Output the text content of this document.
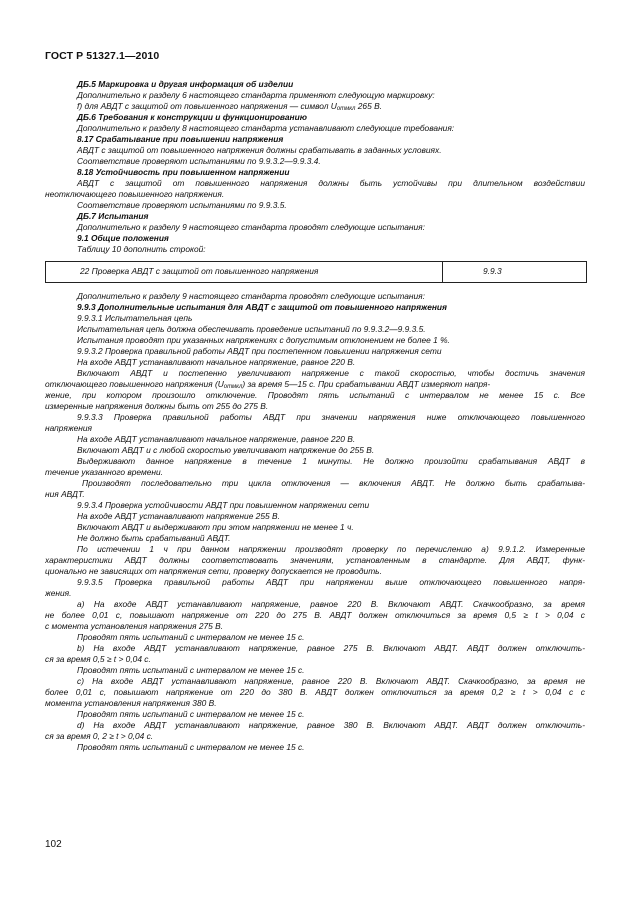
ГОСТ Р 51327.1—2010
ДБ.5 Маркировка и другая информация об изделии
Дополнительно к разделу 6 настоящего стандарта применяют следующую маркировку:
f) для АВДТ с защитой от повышенного напряжения — символ $U_{отмкл}$ 265 В.
ДБ.6 Требования к конструкции и функционированию
Дополнительно к разделу 8 настоящего стандарта устанавливают следующие требования:
8.17 Срабатывание при повышении напряжения
АВДТ с защитой от повышенного напряжения должны срабатывать в заданных условиях.
Соответствие проверяют испытаниями по 9.9.3.2—9.9.3.4.
8.18 Устойчивость при повышенном напряжении
АВДТ с защитой от повышенного напряжения должны быть устойчивы при длительном воздействии
неотключающего повышенного напряжения.
Соответствие проверяют испытаниями по 9.9.3.5.
ДБ.7 Испытания
Дополнительно к разделу 9 настоящего стандарта проводят следующие испытания:
9.1 Общие положения
Таблицу 10 дополнить строкой:
22 Проверка АВДТ с защитой от повышенного напряжения	9.9.3
Дополнительно к разделу 9 настоящего стандарта проводят следующие испытания:
9.9.3 Дополнительные испытания для АВДТ с защитой от повышенного напряжения
9.9.3.1 Испытательная цепь
Испытательная цепь должна обеспечивать проведение испытаний по 9.9.3.2—9.9.3.5.
Испытания проводят при указанных напряжениях с допустимым отклонением не более 1 %.
9.9.3.2 Проверка правильной работы АВДТ при постепенном повышении напряжения сети
На входе АВДТ устанавливают начальное напряжение, равное 220 В.
Включают АВДТ и постепенно увеличивают напряжение с такой скоростью, чтобы достичь значения
отключающего повышенного напряжения $(U_{отмкл})$ за время 5—15 с. При срабатывании АВДТ измеряют напря-
жение, при котором произошло отключение. Проводят пять испытаний с интервалом не менее 15 с. Все
измеренные напряжения должны быть от 255 до 275 В.
9.9.3.3 Проверка правильной работы АВДТ при значении напряжения ниже отключающего повышенного
напряжения
На входе АВДТ устанавливают начальное напряжение, равное 220 В.
Включают АВДТ и с любой скоростью увеличивают напряжение до 255 В.
Выдерживают данное напряжение в течение 1 минуты. Не должно произойти срабатывания АВДТ в
течение указанного времени.
Производят последовательно три цикла отключения — включения АВДТ. Не должно быть срабатыва-
ния АВДТ.
9.9.3.4 Проверка устойчивости АВДТ при повышенном напряжении сети
На входе АВДТ устанавливают напряжение 255 В.
Включают АВДТ и выдерживают при этом напряжении не менее 1 ч.
Не должно быть срабатываний АВДТ.
По истечении 1 ч при данном напряжении производят проверку по перечислению а) 9.9.1.2. Измеренные
характеристики АВДТ должны соответствовать значениям, установленным в стандарте. Для АВДТ, функ-
ционально не зависящих от напряжения сети, проверку допускается не проводить.
9.9.3.5 Проверка правильной работы АВДТ при напряжении выше отключающего повышенного напря-
жения.
а) На входе АВДТ устанавливают напряжение, равное 220 В. Включают АВДТ. Скачкообразно, за время
не более 0,01 с, повышают напряжение от 220 до 275 В. АВДТ должен отключиться за время 0,5 ≥ t > 0,04 с
с момента установления напряжения 275 В.
Проводят пять испытаний с интервалом не менее 15 с.
b) На входе АВДТ устанавливают напряжение, равное 275 В. Включают АВДТ. АВДТ должен отключить-
ся за время 0,5 ≥ t > 0,04 с.
Проводят пять испытаний с интервалом не менее 15 с.
с) На входе АВДТ устанавливают напряжение, равное 220 В. Включают АВДТ. Скачкообразно, за время не
более 0,01 с, повышают напряжение от 220 до 380 В. АВДТ должен отключиться за время 0,2 ≥ t > 0,04 с с
момента установления напряжения 380 В.
Проводят пять испытаний с интервалом не менее 15 с.
d) На входе АВДТ устанавливают напряжение, равное 380 В. Включают АВДТ. АВДТ должен отключить-
ся за время 0, 2 ≥ t > 0,04 с.
Проводят пять испытаний с интервалом не менее 15 с.
102
